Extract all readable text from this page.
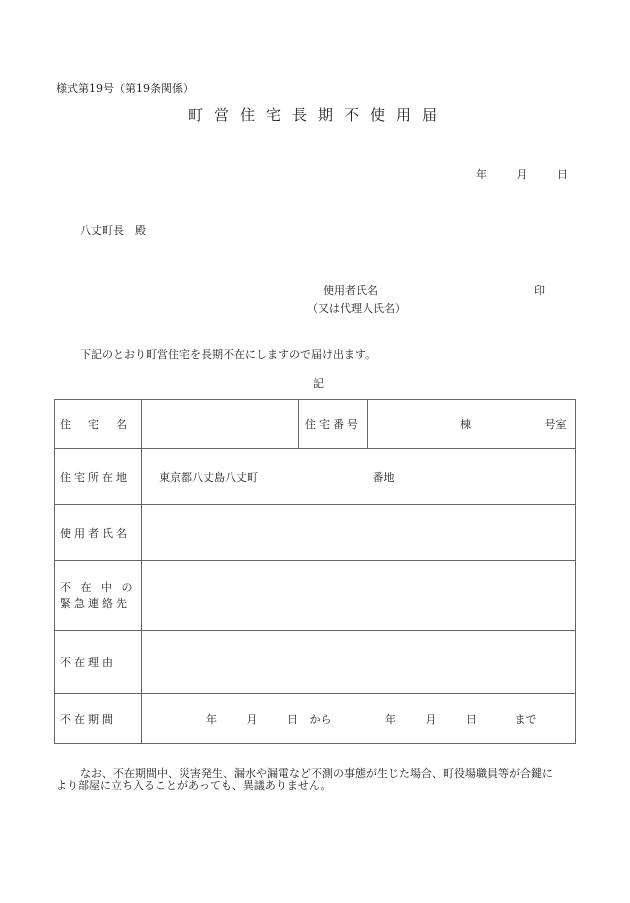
様式第19号（第19条関係）
町営住宅長期不使用届
年	月	日
八丈町長　殿
使用者氏名	印
（又は代理人氏名）
下記のとおり町営住宅を長期不在にしますので届け出ます。
記
住　宅　名		住宅番号	棟 号室
住宅所在地	東京都八丈島八丈町 番地		
使用者氏名			

不 在 中 の
緊急連絡先			

不在理由			
不在期間	年 月 日 から 年 月 日 まで		
なお、不在期間中、災害発生、漏水や漏電など不測の事態が生じた場合、町役場職員等が合鍵に
より部屋に立ち入ることがあっても、異議ありません。
